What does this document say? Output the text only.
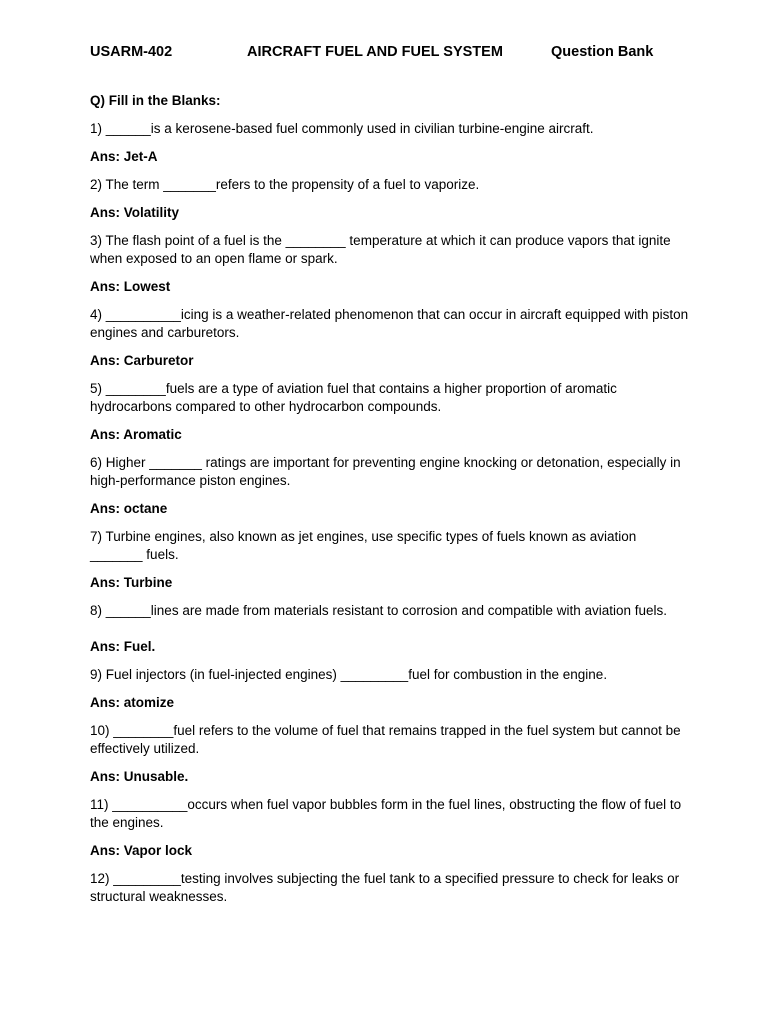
USARM-402	AIRCRAFT FUEL AND FUEL SYSTEM	Question Bank

Q) Fill in the Blanks:

1) ______is a kerosene-based fuel commonly used in civilian turbine-engine aircraft.

Ans: Jet-A

2) The term _______refers to the propensity of a fuel to vaporize.

Ans: Volatility

3) The flash point of a fuel is the ________ temperature at which it can produce vapors that ignite when exposed to an open flame or spark.

Ans: Lowest

4) __________icing is a weather-related phenomenon that can occur in aircraft equipped with piston engines and carburetors.

Ans: Carburetor

5) ________fuels are a type of aviation fuel that contains a higher proportion of aromatic hydrocarbons compared to other hydrocarbon compounds.

Ans: Aromatic

6) Higher _______ ratings are important for preventing engine knocking or detonation, especially in high-performance piston engines.

Ans: octane

7) Turbine engines, also known as jet engines, use specific types of fuels known as aviation _______ fuels.

Ans: Turbine

8) ______lines are made from materials resistant to corrosion and compatible with aviation fuels.

Ans: Fuel.

9) Fuel injectors (in fuel-injected engines) _________fuel for combustion in the engine.

Ans: atomize

10) ________fuel refers to the volume of fuel that remains trapped in the fuel system but cannot be effectively utilized.

Ans: Unusable.

11) __________occurs when fuel vapor bubbles form in the fuel lines, obstructing the flow of fuel to the engines.

Ans: Vapor lock

12) _________testing involves subjecting the fuel tank to a specified pressure to check for leaks or structural weaknesses.
